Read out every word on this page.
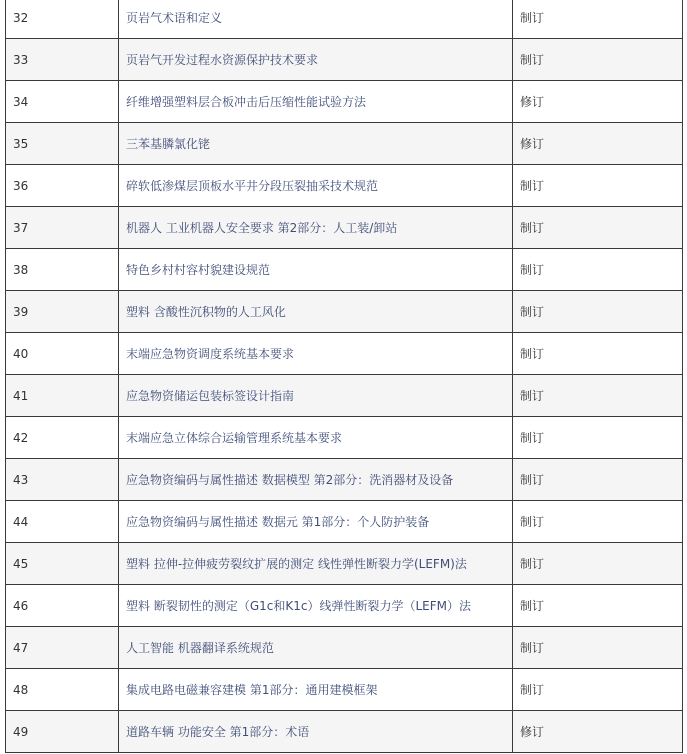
32	页岩气术语和定义	制订
33	页岩气开发过程水资源保护技术要求	制订
34	纤维增强塑料层合板冲击后压缩性能试验方法	修订
35	三苯基膦氯化铑	修订
36	碎软低渗煤层顶板水平井分段压裂抽采技术规范	制订
37	机器人 工业机器人安全要求 第2部分：人工装/卸站	制订
38	特色乡村村容村貌建设规范	制订
39	塑料 含酸性沉积物的人工风化	制订
40	末端应急物资调度系统基本要求	制订
41	应急物资储运包装标签设计指南	制订
42	末端应急立体综合运输管理系统基本要求	制订
43	应急物资编码与属性描述 数据模型 第2部分：洗消器材及设备	制订
44	应急物资编码与属性描述 数据元 第1部分：个人防护装备	制订
45	塑料 拉伸-拉伸疲劳裂纹扩展的测定 线性弹性断裂力学(LEFM)法	制订
46	塑料 断裂韧性的测定（G1c和K1c）线弹性断裂力学（LEFM）法	制订
47	人工智能 机器翻译系统规范	制订
48	集成电路电磁兼容建模 第1部分：通用建模框架	制订
49	道路车辆 功能安全 第1部分：术语	修订
